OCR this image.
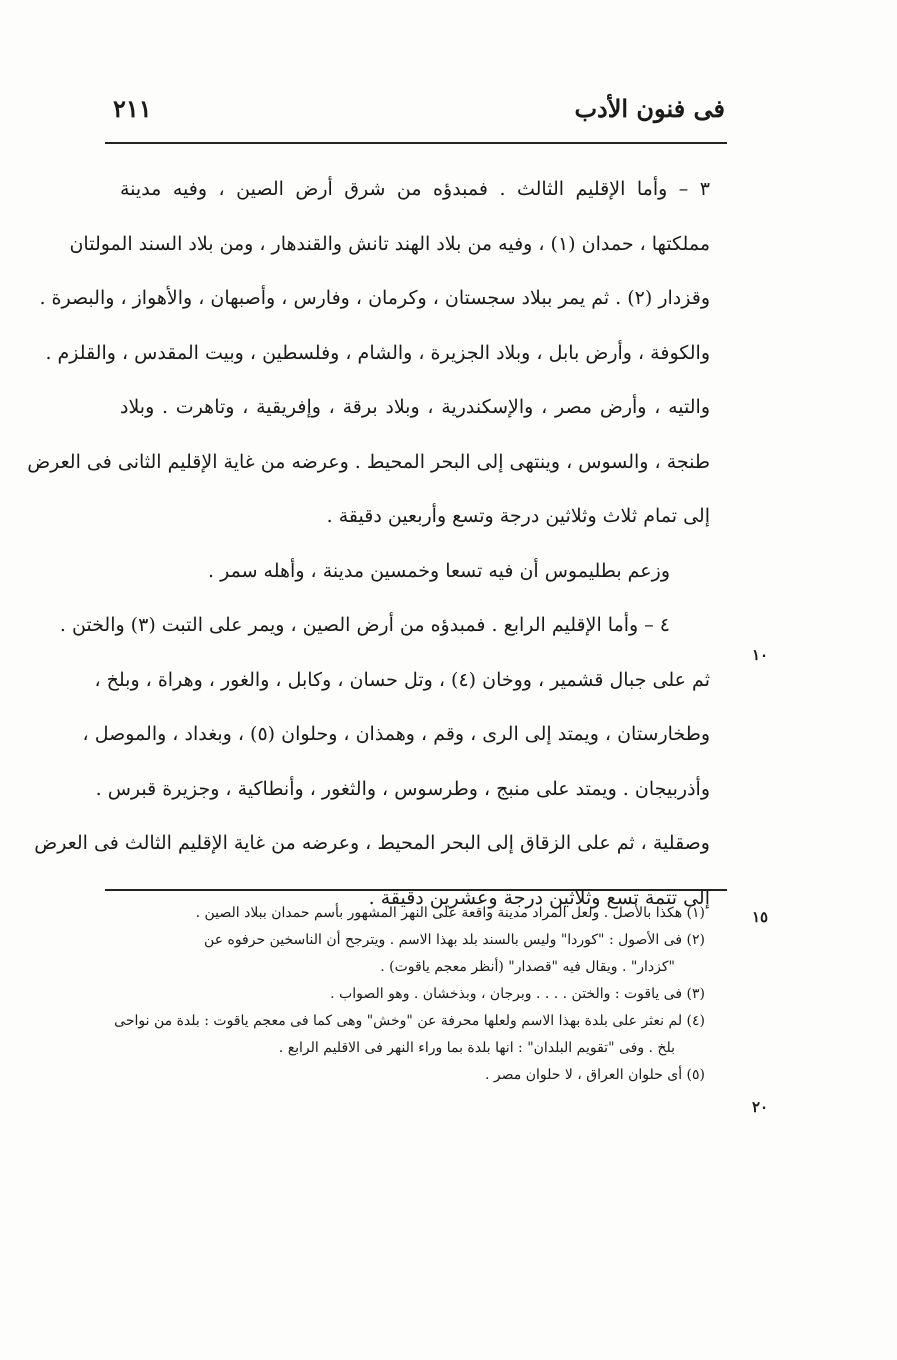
فى فنون الأدب
٢١١
٣ – وأما الإقليم الثالث . فمبدؤه من شرق أرض الصين ، وفيه مدينة
مملكتها ، حمدان (١) ، وفيه من بلاد الهند تانش والقندهار ، ومن بلاد السند المولتان
وقزدار (٢) . ثم يمر ببلاد سجستان ، وكرمان ، وفارس ، وأصبهان ، والأهواز ، والبصرة .
والكوفة ، وأرض بابل ، وبلاد الجزيرة ، والشام ، وفلسطين ، وبيت المقدس ، والقلزم .
والتيه ، وأرض مصر ، والإسكندرية ، وبلاد برقة ، وإفريقية ، وتاهرت . وبلاد
طنجة ، والسوس ، وينتهى إلى البحر المحيط . وعرضه من غاية الإقليم الثانى فى العرض
إلى تمام ثلاث وثلاثين درجة وتسع وأربعين دقيقة .
وزعم بطليموس أن فيه تسعا وخمسين مدينة ، وأهله سمر .
٤ – وأما الإقليم الرابع . فمبدؤه من أرض الصين ، ويمر على التبت (٣) والختن .
ثم على جبال قشمير ، ووخان (٤) ، وتل حسان ، وكابل ، والغور ، وهراة ، وبلخ ،
وطخارستان ، ويمتد إلى الرى ، وقم ، وهمذان ، وحلوان (٥) ، وبغداد ، والموصل ،
وأذربيجان . ويمتد على منبج ، وطرسوس ، والثغور ، وأنطاكية ، وجزيرة قبرس .
وصقلية ، ثم على الزقاق إلى البحر المحيط ، وعرضه من غاية الإقليم الثالث فى العرض
إلى تتمة تسع وثلاثين درجة وعشرين دقيقة .
١٠
(١) هكذا بالأصل . ولعل المراد مدينة واقعة على النهر المشهور بأسم حمدان ببلاد الصين .
(٢) فى الأصول : "كوردا" وليس بالسند بلد بهذا الاسم . ويترجح أن الناسخين حرفوه عن
"كزدار" . ويقال فيه "قصدار" (أنظر معجم ياقوت) .
(٣) فى ياقوت : والختن . . . . وبرجان ، وبذخشان . وهو الصواب .
(٤) لم نعثر على بلدة بهذا الاسم ولعلها محرفة عن "وخش" وهى كما فى معجم ياقوت : بلدة من نواحى
بلخ . وفى "تقويم البلدان" : انها بلدة بما وراء النهر فى الاقليم الرابع .
(٥) أى حلوان العراق ، لا حلوان مصر .
١٥
٢٠
